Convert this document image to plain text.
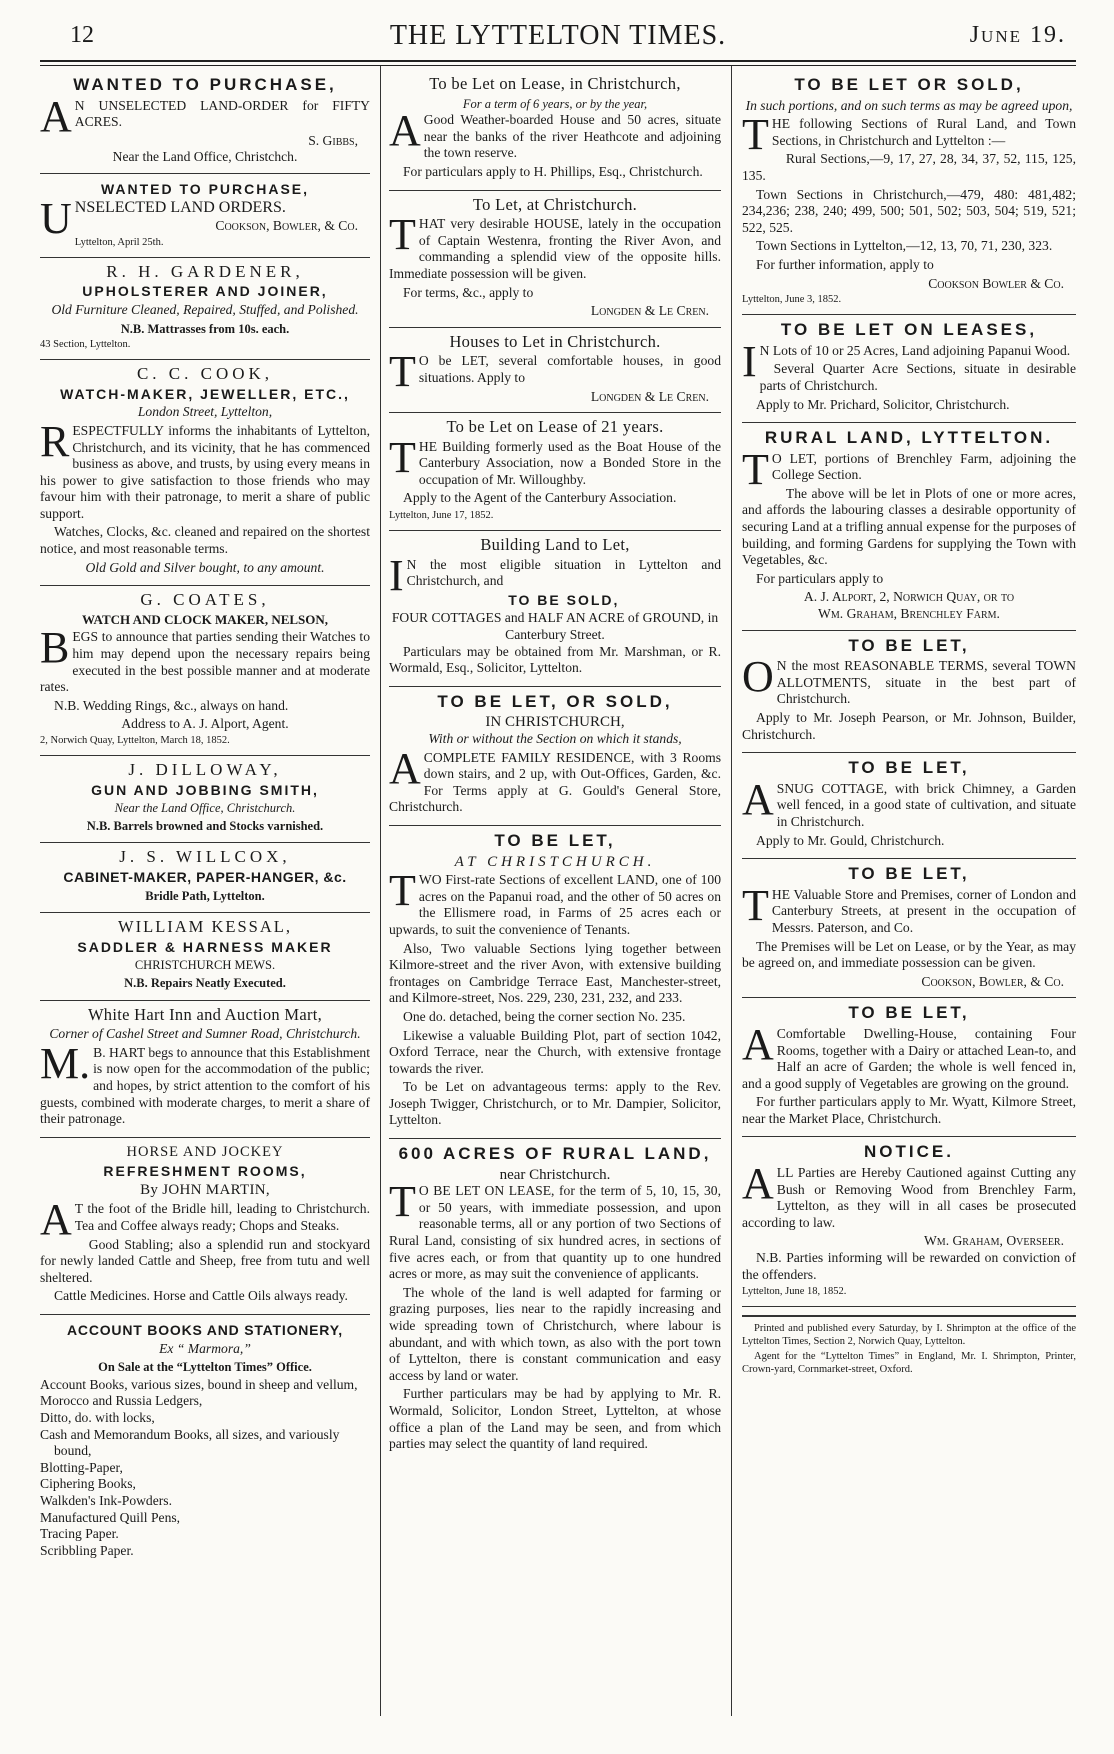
12	THE LYTTELTON TIMES.	June 19.
WANTED TO PURCHASE,

AN UNSELECTED LAND-ORDER for FIFTY ACRES.

S. Gibbs,

Near the Land Office, Christchch.

WANTED TO PURCHASE,

UNSELECTED LAND ORDERS.

Cookson, Bowler, & Co.

Lyttelton, April 25th.

R. H. GARDENER,
UPHOLSTERER AND JOINER,

Old Furniture Cleaned, Repaired, Stuffed, and Polished.

N.B. Mattrasses from 10s. each.

43 Section, Lyttelton.

C. C. COOK,
WATCH-MAKER, JEWELLER, ETC.,

London Street, Lyttelton,

RESPECTFULLY informs the inhabitants of Lyttelton, Christchurch, and its vicinity, that he has commenced business as above, and trusts, by using every means in his power to give satisfaction to those friends who may favour him with their patronage, to merit a share of public support.

Watches, Clocks, &c. cleaned and repaired on the shortest notice, and most reasonable terms.

Old Gold and Silver bought, to any amount.

G. COATES,
WATCH AND CLOCK MAKER, NELSON,

BEGS to announce that parties sending their Watches to him may depend upon the necessary repairs being executed in the best possible manner and at moderate rates.

N.B. Wedding Rings, &c., always on hand.

Address to A. J. Alport, Agent.

2, Norwich Quay, Lyttelton, March 18, 1852.

J. DILLOWAY,
GUN AND JOBBING SMITH,

Near the Land Office, Christchurch.

N.B. Barrels browned and Stocks varnished.

J. S. WILLCOX,
CABINET-MAKER, PAPER-HANGER, &c.

Bridle Path, Lyttelton.

WILLIAM KESSAL,
SADDLER & HARNESS MAKER

CHRISTCHURCH MEWS.

N.B. Repairs Neatly Executed.

White Hart Inn and Auction Mart,

Corner of Cashel Street and Sumner Road, Christchurch.

M.B. HART begs to announce that this Establishment is now open for the accommodation of the public; and hopes, by strict attention to the comfort of his guests, combined with moderate charges, to merit a share of their patronage.

HORSE AND JOCKEY
REFRESHMENT ROOMS,
By JOHN MARTIN,

AT the foot of the Bridle hill, leading to Christchurch. Tea and Coffee always ready; Chops and Steaks.

Good Stabling; also a splendid run and stockyard for newly landed Cattle and Sheep, free from tutu and well sheltered.

Cattle Medicines. Horse and Cattle Oils always ready.

ACCOUNT BOOKS AND STATIONERY,

Ex “ Marmora,”

On Sale at the “Lyttelton Times” Office.

Account Books, various sizes, bound in sheep and vellum,

Morocco and Russia Ledgers,

Ditto, do. with locks,

Cash and Memorandum Books, all sizes, and variously bound,

Blotting-Paper,

Ciphering Books,

Walkden's Ink-Powders.

Manufactured Quill Pens,

Tracing Paper.

Scribbling Paper.

To be Let on Lease, in Christchurch,

For a term of 6 years, or by the year,

AGood Weather-boarded House and 50 acres, situate near the banks of the river Heathcote and adjoining the town reserve.

For particulars apply to H. Phillips, Esq., Christchurch.

To Let, at Christchurch.

THAT very desirable HOUSE, lately in the occupation of Captain Westenra, fronting the River Avon, and commanding a splendid view of the opposite hills. Immediate possession will be given.

For terms, &c., apply to

Longden & Le Cren.

Houses to Let in Christchurch.

TO be LET, several comfortable houses, in good situations. Apply to

Longden & Le Cren.

To be Let on Lease of 21 years.

THE Building formerly used as the Boat House of the Canterbury Association, now a Bonded Store in the occupation of Mr. Willoughby.

Apply to the Agent of the Canterbury Association.

Lyttelton, June 17, 1852.

Building Land to Let,

IN the most eligible situation in Lyttelton and Christchurch, and

TO BE SOLD,

FOUR COTTAGES and HALF AN ACRE of GROUND, in Canterbury Street.

Particulars may be obtained from Mr. Marshman, or R. Wormald, Esq., Solicitor, Lyttelton.

TO BE LET, OR SOLD,

IN CHRISTCHURCH,

With or without the Section on which it stands,

ACOMPLETE FAMILY RESIDENCE, with 3 Rooms down stairs, and 2 up, with Out-Offices, Garden, &c. For Terms apply at G. Gould's General Store, Christchurch.

TO BE LET,

AT CHRISTCHURCH.

TWO First-rate Sections of excellent LAND, one of 100 acres on the Papanui road, and the other of 50 acres on the Ellismere road, in Farms of 25 acres each or upwards, to suit the convenience of Tenants.

Also, Two valuable Sections lying together between Kilmore-street and the river Avon, with extensive building frontages on Cambridge Terrace East, Manchester-street, and Kilmore-street, Nos. 229, 230, 231, 232, and 233.

One do. detached, being the corner section No. 235.

Likewise a valuable Building Plot, part of section 1042, Oxford Terrace, near the Church, with extensive frontage towards the river.

To be Let on advantageous terms: apply to the Rev. Joseph Twigger, Christchurch, or to Mr. Dampier, Solicitor, Lyttelton.

600 ACRES OF RURAL LAND,

near Christchurch.

TO BE LET ON LEASE, for the term of 5, 10, 15, 30, or 50 years, with immediate possession, and upon reasonable terms, all or any portion of two Sections of Rural Land, consisting of six hundred acres, in sections of five acres each, or from that quantity up to one hundred acres or more, as may suit the convenience of applicants.

The whole of the land is well adapted for farming or grazing purposes, lies near to the rapidly increasing and wide spreading town of Christchurch, where labour is abundant, and with which town, as also with the port town of Lyttelton, there is constant communication and easy access by land or water.

Further particulars may be had by applying to Mr. R. Wormald, Solicitor, London Street, Lyttelton, at whose office a plan of the Land may be seen, and from which parties may select the quantity of land required.

TO BE LET OR SOLD,

In such portions, and on such terms as may be agreed upon,

THE following Sections of Rural Land, and Town Sections, in Christchurch and Lyttelton :—

Rural Sections,—9, 17, 27, 28, 34, 37, 52, 115, 125, 135.

Town Sections in Christchurch,—479, 480: 481,482; 234,236; 238, 240; 499, 500; 501, 502; 503, 504; 519, 521; 522, 525.

Town Sections in Lyttelton,—12, 13, 70, 71, 230, 323.

For further information, apply to

Cookson Bowler & Co.

Lyttelton, June 3, 1852.

TO BE LET ON LEASES,

IN Lots of 10 or 25 Acres, Land adjoining Papanui Wood.

Several Quarter Acre Sections, situate in desirable parts of Christchurch.

Apply to Mr. Prichard, Solicitor, Christchurch.

RURAL LAND, LYTTELTON.

TO LET, portions of Brenchley Farm, adjoining the College Section.

The above will be let in Plots of one or more acres, and affords the labouring classes a desirable opportunity of securing Land at a trifling annual expense for the purposes of building, and forming Gardens for supplying the Town with Vegetables, &c.

For particulars apply to

A. J. Alport, 2, Norwich Quay, or to

Wm. Graham, Brenchley Farm.

TO BE LET,

ON the most REASONABLE TERMS, several TOWN ALLOTMENTS, situate in the best part of Christchurch.

Apply to Mr. Joseph Pearson, or Mr. Johnson, Builder, Christchurch.

TO BE LET,

ASNUG COTTAGE, with brick Chimney, a Garden well fenced, in a good state of cultivation, and situate in Christchurch.

Apply to Mr. Gould, Christchurch.

TO BE LET,

THE Valuable Store and Premises, corner of London and Canterbury Streets, at present in the occupation of Messrs. Paterson, and Co.

The Premises will be Let on Lease, or by the Year, as may be agreed on, and immediate possession can be given.

Cookson, Bowler, & Co.

TO BE LET,

AComfortable Dwelling-House, containing Four Rooms, together with a Dairy or attached Lean-to, and Half an acre of Garden; the whole is well fenced in, and a good supply of Vegetables are growing on the ground.

For further particulars apply to Mr. Wyatt, Kilmore Street, near the Market Place, Christchurch.

NOTICE.

ALL Parties are Hereby Cautioned against Cutting any Bush or Removing Wood from Brenchley Farm, Lyttelton, as they will in all cases be prosecuted according to law.

Wm. Graham, Overseer.

N.B. Parties informing will be rewarded on conviction of the offenders.

Lyttelton, June 18, 1852.

Printed and published every Saturday, by I. Shrimpton at the office of the Lyttelton Times, Section 2, Norwich Quay, Lyttelton.

Agent for the “Lyttelton Times” in England, Mr. I. Shrimpton, Printer, Crown-yard, Cornmarket-street, Oxford.
